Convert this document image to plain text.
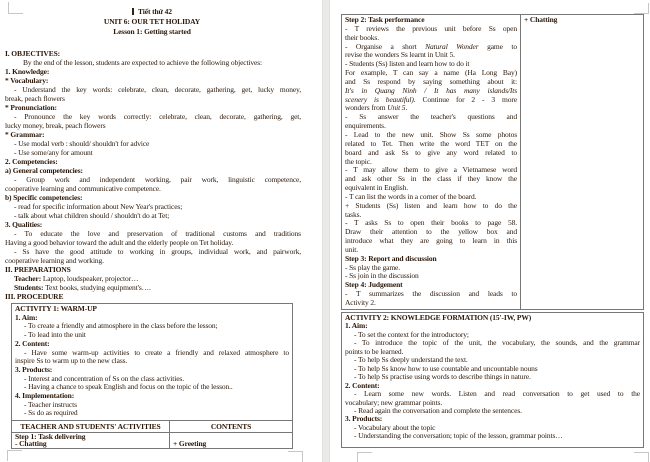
Tiết thứ 42
UNIT 6: OUR TET HOLIDAY
Lesson 1: Getting started
I. OBJECTIVES:
By the end of the lesson, students are expected to achieve the following objectives:
1. Knowledge:
* Vocabulary:
- Understand the key words: celebrate, clean, decorate, gathering, get, lucky money,
break, peach flowers
* Pronunciation:
- Pronounce the key words correctly: celebrate, clean, decorate, gathering, get,
lucky money, break, peach flowers
* Grammar:
- Use modal verb : should/ shouldn't for advice
- Use some/any for amount
2. Competencies:
a) General competencies:
- Group work and independent working, pair work, linguistic competence,
cooperative learning and communicative competence.
b) Specific competencies:
- read for specific information about New Year's practices;
- talk about what children should / shouldn't do at Tet;
3. Qualities:
- To educate the love and preservation of traditional customs and traditions
Having a good behavior toward the adult and the elderly people on Tet holiday.
- Ss have the good attitude to working in groups, individual work, and pairwork,
cooperative learning and working.
II. PREPARATIONS
Teacher: Laptop, loudspeaker, projector…
Students: Text books, studying equipment's….
III. PROCEDURE
ACTIVITY 1: WARM-UP
1. Aim:
- To create a friendly and atmosphere in the class before the lesson;
- To lead into the unit
2. Content:
- Have some warm-up activities to create a friendly and relaxed atmosphere to
inspire Ss to warm up to the new class.
3. Products:
- Interest and concentration of Ss on the class activities.
- Having a chance to speak English and focus on the topic of the lesson..
4. Implementation:
- Teacher instructs
- Ss do as required
TEACHER AND STUDENTS' ACTIVITIES	CONTENTS
Step 1: Task delivering
- Chatting	+ Greeting
Step 2: Task performance
- T reviews the previous unit before Ss open
their books.
- Organise a short Natural Wonder game to
revise the wonders Ss learnt in Unit 5.
- Students (Ss) listen and learn how to do it
For example, T can say a name (Ha Long Bay)
and Ss respond by saying something about it:
It's in Quang Ninh / It has many islands/Its
scenery is beautiful). Continue for 2 - 3 more
wonders from Unit 5.
- Ss answer the teacher's questions and
enquirements.
- Lead to the new unit. Show Ss some photos
related to Tet. Then write the word TET on the
board and ask Ss to give any word related to
the topic.
- T may allow them to give a Vietnamese word
and ask other Ss in the class if they know the
equivalent in English.
- T can list the words in a corner of the board.
+ Students (Ss) listen and learn how to do the
tasks.
- T asks Ss to open their books to page 58.
Draw their attention to the yellow box and
introduce what they are going to learn in this
unit.
Step 3: Report and discussion
- Ss play the game.
- Ss join in the discussion
Step 4: Judgement
- T summarizes the discussion and leads to
Activity 2.
+ Chatting
ACTIVITY 2: KNOWLEDGE FORMATION (15'-IW, PW)
1. Aim:
- To set the context for the introductory;
- To introduce the topic of the unit, the vocabulary, the sounds, and the grammar
points to be learned.
- To help Ss deeply understand the text.
- To help Ss know how to use countable and uncountable nouns
- To help Ss practise using words to describe things in nature.
2. Content:
- Learn some new words. Listen and read conversation to get used to the
vocabulary; new grammar points.
- Read again the conversation and complete the sentences.
3. Products:
- Vocabulary about the topic
- Understanding the conversation; topic of the lesson, grammar points…
